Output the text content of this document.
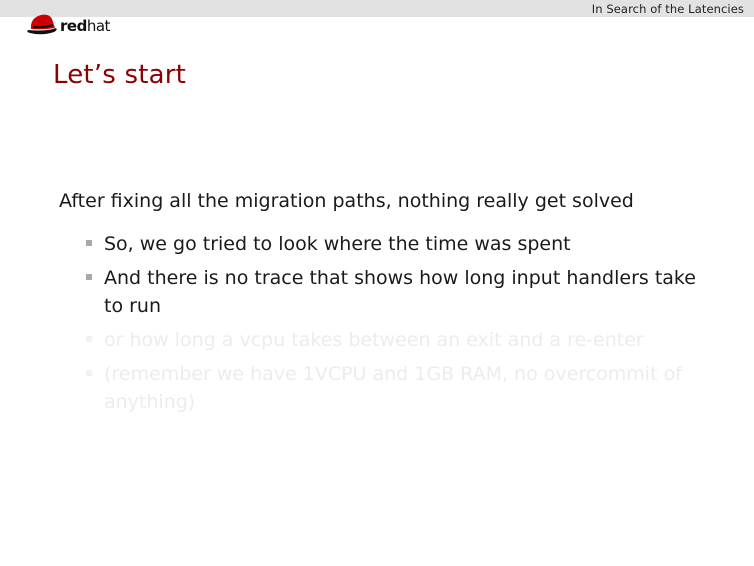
In Search of the Latencies
redhat
Let’s start

After fixing all the migration paths, nothing really get solved

So, we go tried to look where the time was spent
And there is no trace that shows how long input handlers take to run
or how long a vcpu takes between an exit and a re-enter
(remember we have 1VCPU and 1GB RAM, no overcommit of anything)
